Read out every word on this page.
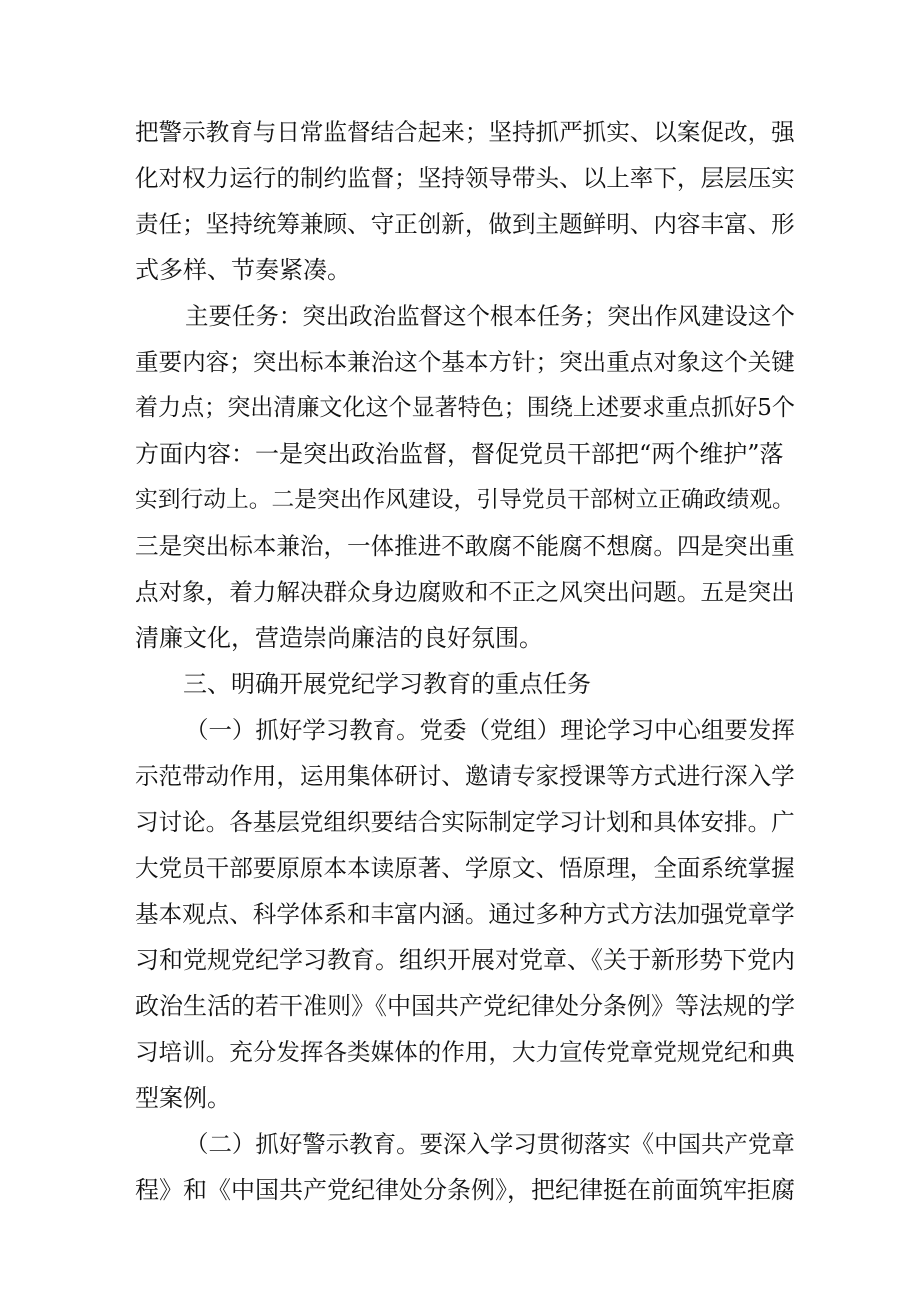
把警示教育与日常监督结合起来；坚持抓严抓实、以案促改，强
化对权力运行的制约监督；坚持领导带头、以上率下，层层压实
责任；坚持统筹兼顾、守正创新，做到主题鲜明、内容丰富、形
式多样、节奏紧凑。
主要任务：突出政治监督这个根本任务；突出作风建设这个
重要内容；突出标本兼治这个基本方针；突出重点对象这个关键
着力点；突出清廉文化这个显著特色；围绕上述要求重点抓好5个
方面内容：一是突出政治监督，督促党员干部把“两个维护”落
实到行动上。二是突出作风建设，引导党员干部树立正确政绩观。
三是突出标本兼治，一体推进不敢腐不能腐不想腐。四是突出重
点对象，着力解决群众身边腐败和不正之风突出问题。五是突出
清廉文化，营造崇尚廉洁的良好氛围。
三、明确开展党纪学习教育的重点任务
（一）抓好学习教育。党委（党组）理论学习中心组要发挥
示范带动作用，运用集体研讨、邀请专家授课等方式进行深入学
习讨论。各基层党组织要结合实际制定学习计划和具体安排。广
大党员干部要原原本本读原著、学原文、悟原理，全面系统掌握
基本观点、科学体系和丰富内涵。通过多种方式方法加强党章学
习和党规党纪学习教育。组织开展对党章、《关于新形势下党内
政治生活的若干准则》《中国共产党纪律处分条例》等法规的学
习培训。充分发挥各类媒体的作用，大力宣传党章党规党纪和典
型案例。
（二）抓好警示教育。要深入学习贯彻落实《中国共产党章
程》和《中国共产党纪律处分条例》，把纪律挺在前面筑牢拒腐
